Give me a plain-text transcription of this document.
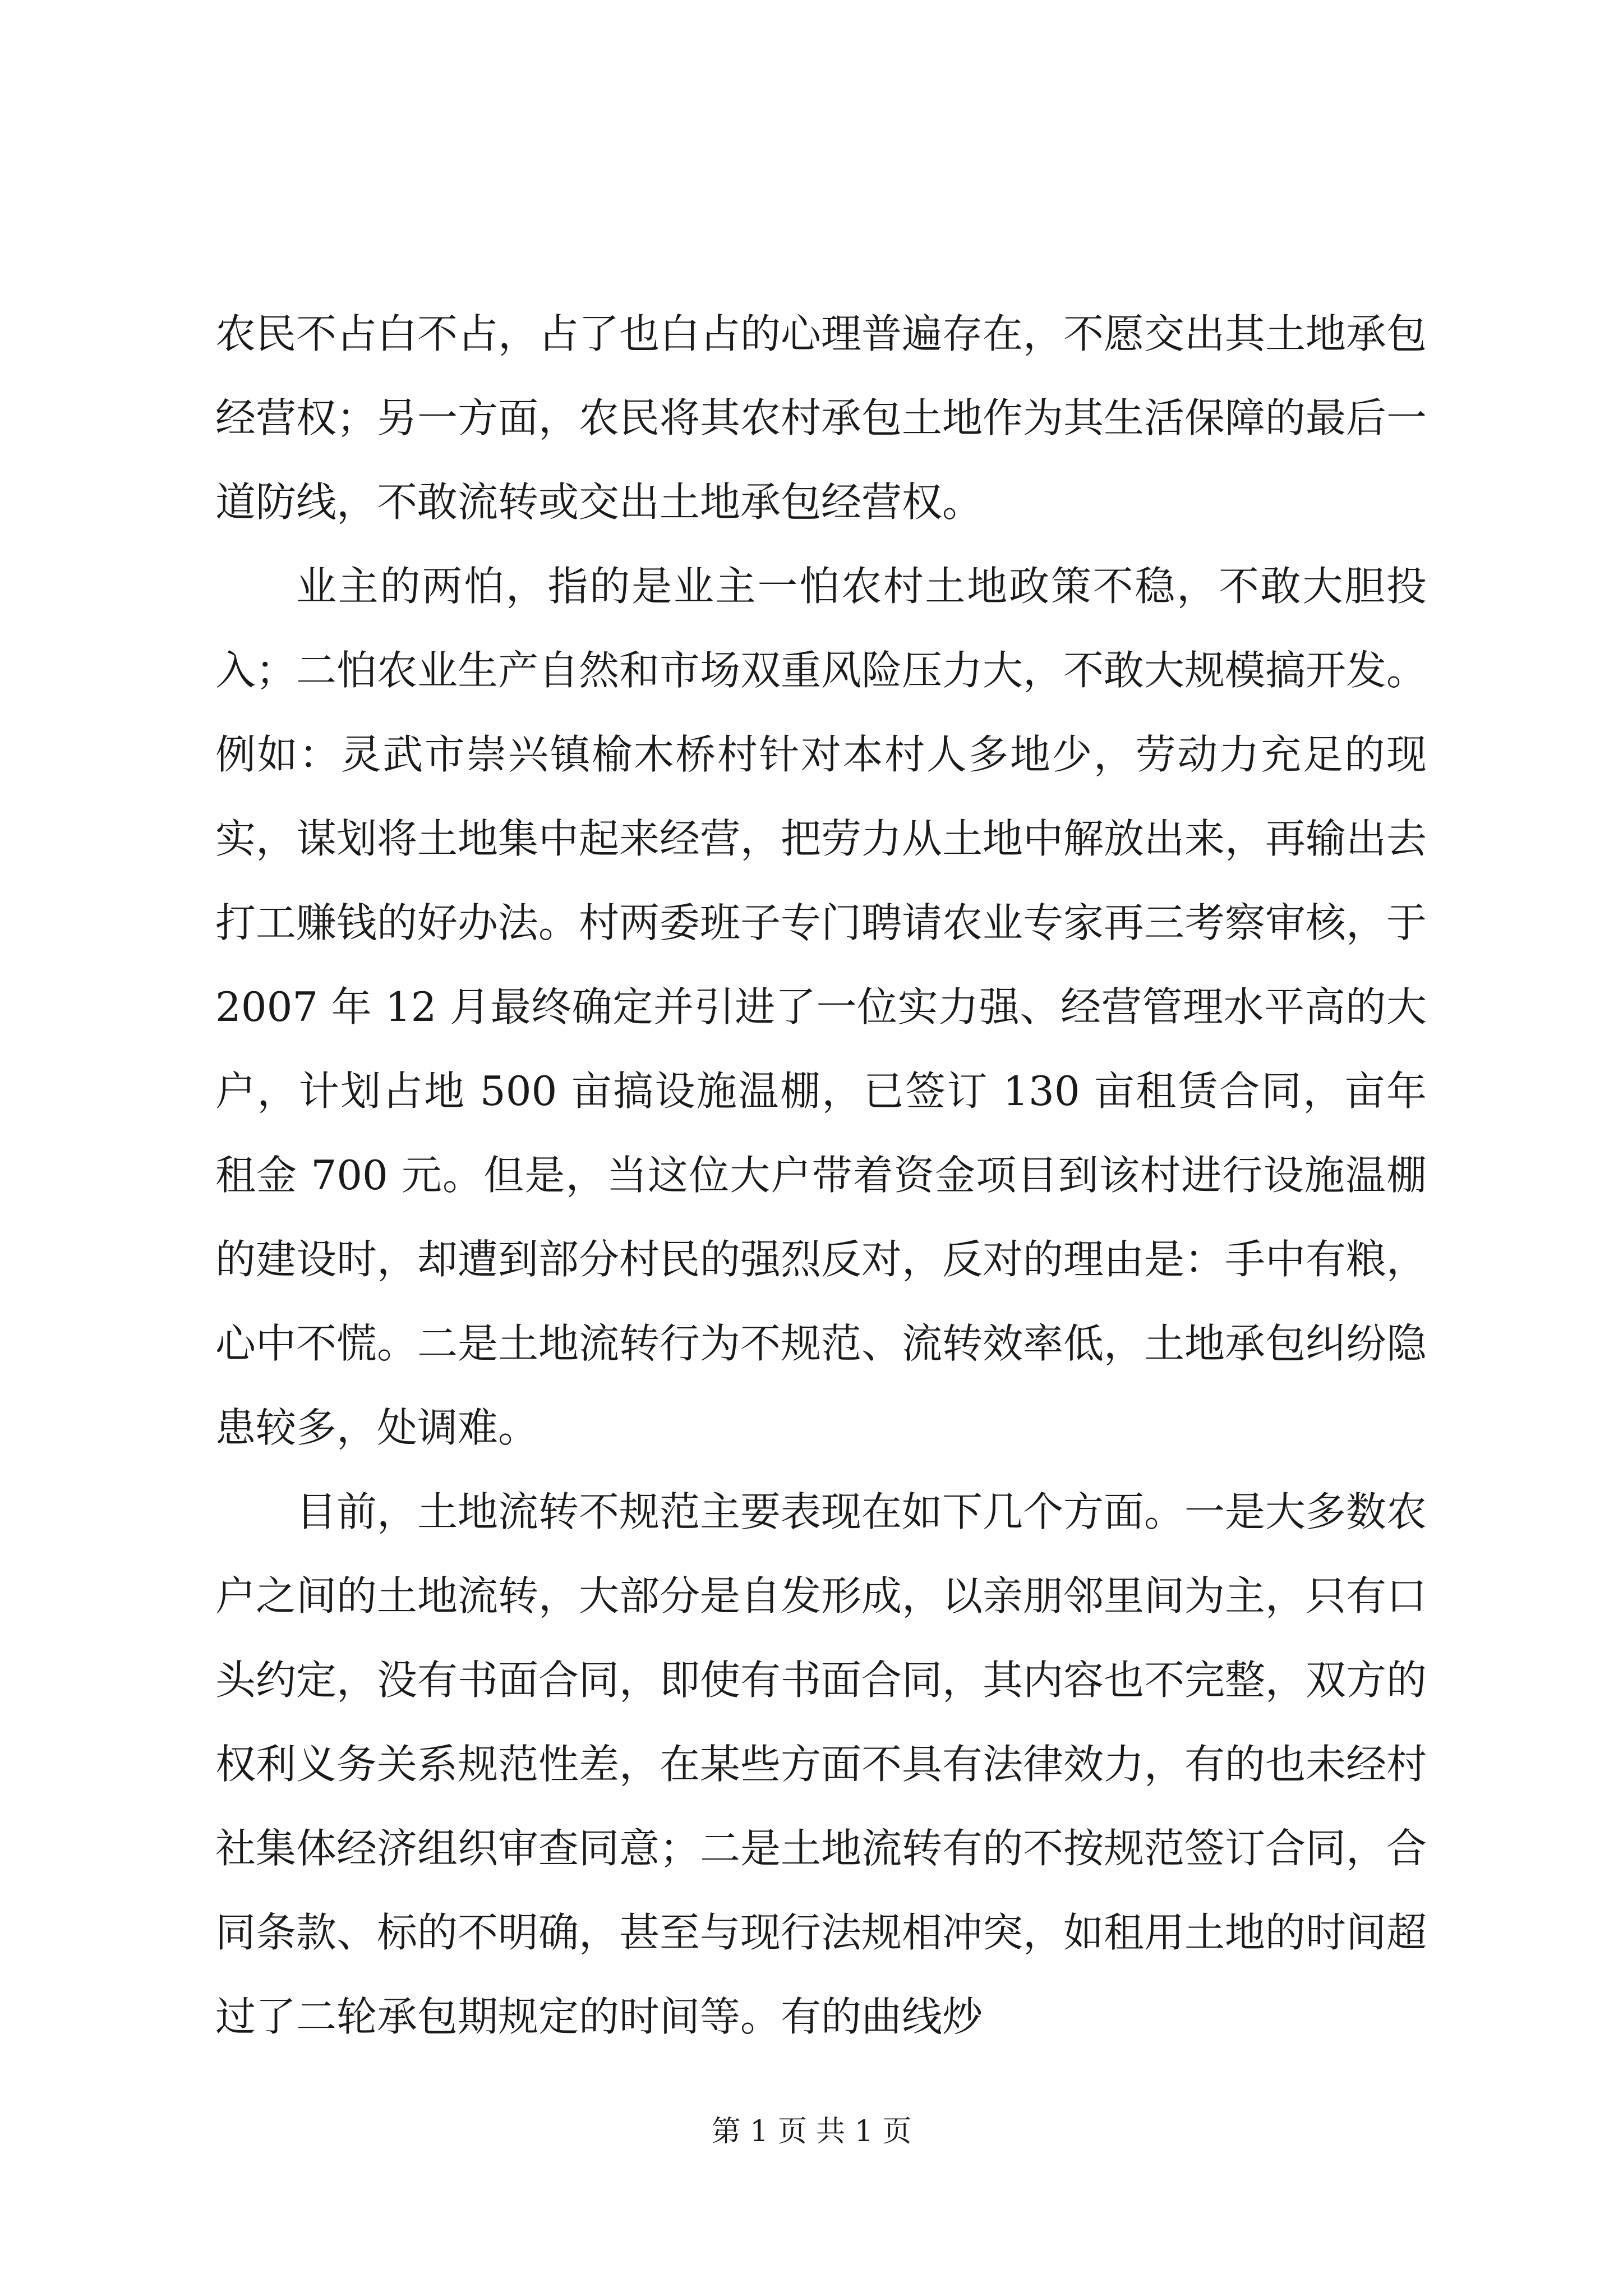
农民不占白不占，占了也白占的心理普遍存在，不愿交出其土地承包经营权；另一方面，农民将其农村承包土地作为其生活保障的最后一道防线，不敢流转或交出土地承包经营权。

业主的两怕，指的是业主一怕农村土地政策不稳，不敢大胆投入；二怕农业生产自然和市场双重风险压力大，不敢大规模搞开发。例如：灵武市崇兴镇榆木桥村针对本村人多地少，劳动力充足的现实，谋划将土地集中起来经营，把劳力从土地中解放出来，再输出去打工赚钱的好办法。村两委班子专门聘请农业专家再三考察审核，于 2007 年 12 月最终确定并引进了一位实力强、经营管理水平高的大户，计划占地 500 亩搞设施温棚，已签订 130 亩租赁合同，亩年租金 700 元。但是，当这位大户带着资金项目到该村进行设施温棚的建设时，却遭到部分村民的强烈反对，反对的理由是：手中有粮，心中不慌。二是土地流转行为不规范、流转效率低，土地承包纠纷隐患较多，处调难。

目前，土地流转不规范主要表现在如下几个方面。一是大多数农户之间的土地流转，大部分是自发形成，以亲朋邻里间为主，只有口头约定，没有书面合同，即使有书面合同，其内容也不完整，双方的权利义务关系规范性差，在某些方面不具有法律效力，有的也未经村社集体经济组织审查同意；二是土地流转有的不按规范签订合同，合同条款、标的不明确，甚至与现行法规相冲突，如租用土地的时间超过了二轮承包期规定的时间等。有的曲线炒

第 1 页 共 1 页
